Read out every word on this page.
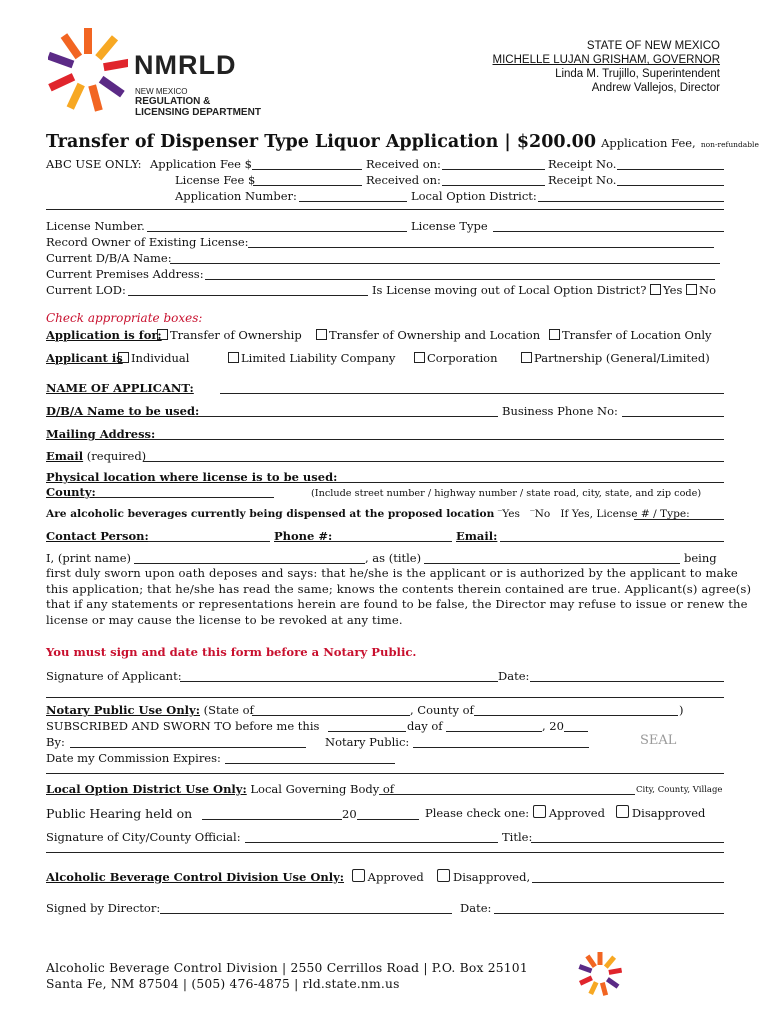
NMRLD
NEW MEXICO
REGULATION &
LICENSING DEPARTMENT
STATE OF NEW MEXICO
MICHELLE LUJAN GRISHAM, GOVERNOR
Linda M. Trujillo, Superintendent
Andrew Vallejos, Director
Transfer of Dispenser Type Liquor Application | $200.00 Application Fee, non-refundable
ABC USE ONLY: Application Fee $	Received on:	Receipt No.
License Fee $	Received on:	Receipt No.
Application Number:	Local Option District:
License Number.	License Type
Record Owner of Existing License:
Current D/B/A Name:
Current Premises Address:
Current LOD:	Is License moving out of Local Option District? Yes No
Check appropriate boxes:
Application is for: Transfer of Ownership	Transfer of Ownership and Location	Transfer of Location Only
Applicant is Individual	Limited Liability Company	Corporation	Partnership (General/Limited)
NAME OF APPLICANT:
D/B/A Name to be used:	Business Phone No:
Mailing Address:
Email (required)
Physical location where license is to be used:
County:	(Include street number / highway number / state road, city, state, and zip code)
Are alcoholic beverages currently being dispensed at the proposed location ‾Yes ‾No If Yes, License # / Type:
Contact Person:	Phone #:	Email:
I, (print name)	, as (title)	being

first duly sworn upon oath deposes and says: that he/she is the applicant or is authorized by the applicant to make

this application; that he/she has read the same; knows the contents therein contained are true. Applicant(s) agree(s)

that if any statements or representations herein are found to be false, the Director may refuse to issue or renew the

license or may cause the license to be revoked at any time.

You must sign and date this form before a Notary Public.
Signature of Applicant:	Date:
Notary Public Use Only: (State of	, County of	)
SUBSCRIBED AND SWORN TO before me this	day of	, 20
By:	Notary Public:	SEAL
Date my Commission Expires:
Local Option District Use Only: Local Governing Body of	City, County, Village
Public Hearing held on	20	Please check one: Approved Disapproved
Signature of City/County Official:	Title:
Alcoholic Beverage Control Division Use Only: Approved	Disapproved,
Signed by Director:	Date:
Alcoholic Beverage Control Division | 2550 Cerrillos Road | P.O. Box 25101
Santa Fe, NM 87504 | (505) 476-4875 | rld.state.nm.us
